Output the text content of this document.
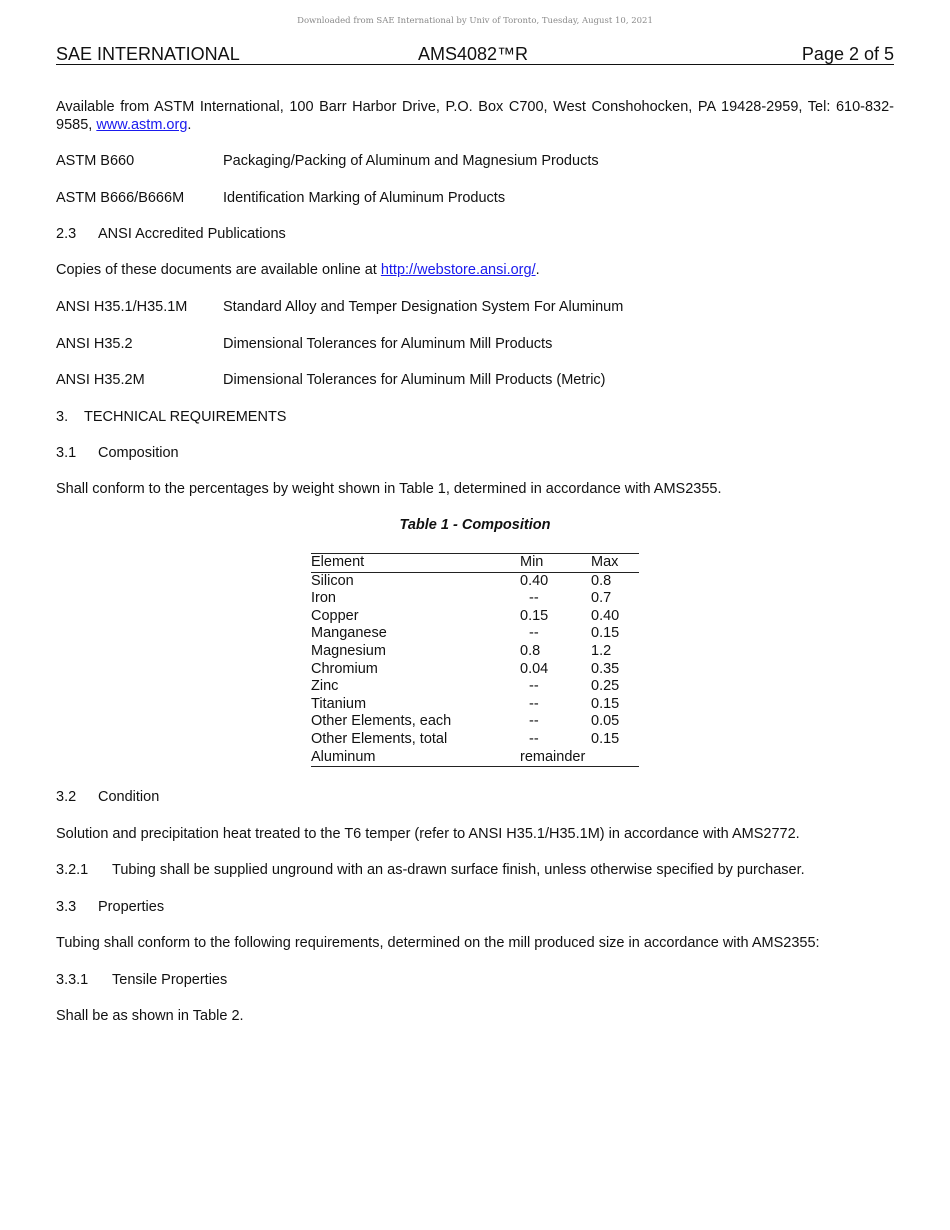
Downloaded from SAE International by Univ of Toronto, Tuesday, August 10, 2021
SAE INTERNATIONAL	AMS4082™R	Page 2 of 5
Available from ASTM International, 100 Barr Harbor Drive, P.O. Box C700, West Conshohocken, PA 19428-2959, Tel: 610-832-9585, www.astm.org.
ASTM B660	Packaging/Packing of Aluminum and Magnesium Products
ASTM B666/B666M	Identification Marking of Aluminum Products
2.3 ANSI Accredited Publications
Copies of these documents are available online at http://webstore.ansi.org/.
ANSI H35.1/H35.1M Standard Alloy and Temper Designation System For Aluminum
ANSI H35.2	Dimensional Tolerances for Aluminum Mill Products
ANSI H35.2M	Dimensional Tolerances for Aluminum Mill Products (Metric)
3. TECHNICAL REQUIREMENTS
3.1 Composition
Shall conform to the percentages by weight shown in Table 1, determined in accordance with AMS2355.
Table 1 - Composition
Element	Min	Max
Silicon	0.40	0.8
Iron	--	0.7
Copper	0.15	0.40
Manganese	--	0.15
Magnesium	0.8	1.2
Chromium	0.04	0.35
Zinc	--	0.25
Titanium	--	0.15
Other Elements, each	--	0.05
Other Elements, total	--	0.15
Aluminum	remainder	
3.2 Condition
Solution and precipitation heat treated to the T6 temper (refer to ANSI H35.1/H35.1M) in accordance with AMS2772.
3.2.1 Tubing shall be supplied unground with an as-drawn surface finish, unless otherwise specified by purchaser.
3.3 Properties
Tubing shall conform to the following requirements, determined on the mill produced size in accordance with AMS2355:
3.3.1 Tensile Properties
Shall be as shown in Table 2.
